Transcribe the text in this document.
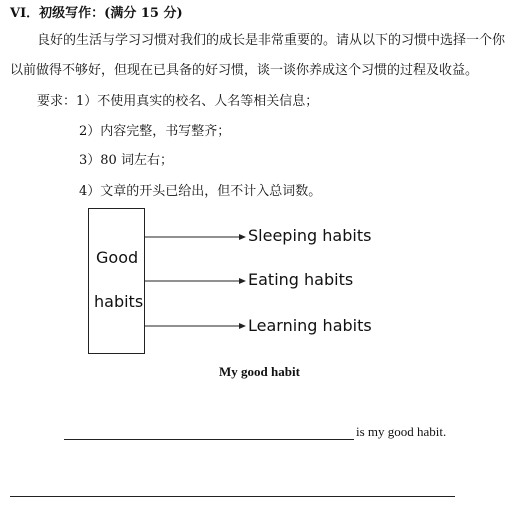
VI．初级写作：(满分 15 分)
良好的生活与学习习惯对我们的成长是非常重要的。请从以下的习惯中选择一个你
以前做得不够好，但现在已具备的好习惯，谈一谈你养成这个习惯的过程及收益。
要求：1）不使用真实的校名、人名等相关信息；
2）内容完整，书写整齐；
3）80 词左右；
4）文章的开头已给出，但不计入总词数。
Good
habits
Sleeping habits
Eating habits
Learning habits
My good habit
is my good habit.
